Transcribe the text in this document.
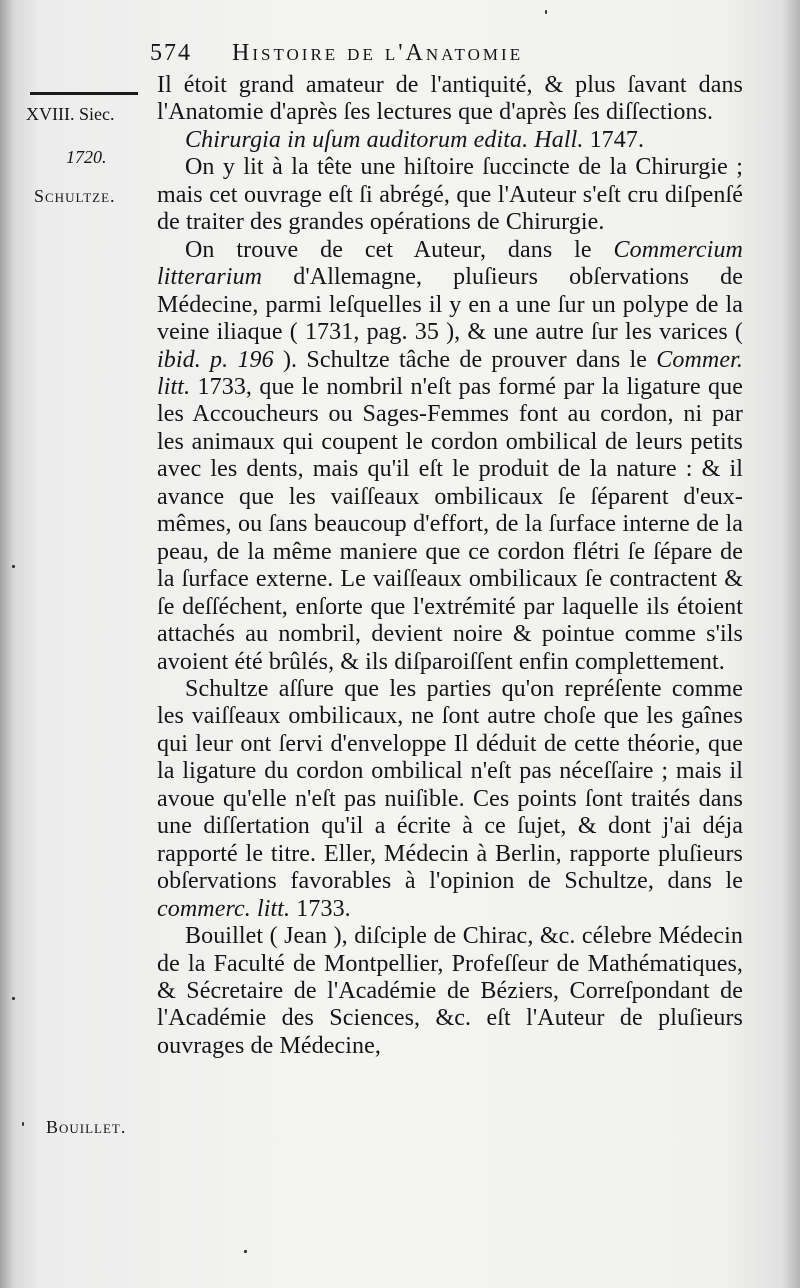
574 Histoire de l'Anatomie
XVIII. Siec.
1720.
Schultze.
Bouillet.

Il étoit grand amateur de l'antiquité, & plus ſavant dans l'Anatomie d'après ſes lectures que d'après ſes diſſections.

Chirurgia in uſum auditorum edita. Hall. 1747.

On y lit à la tête une hiſtoire ſuccincte de la Chirurgie ; mais cet ouvrage eſt ſi abrégé, que l'Auteur s'eſt cru diſpenſé de traiter des grandes opérations de Chirurgie.

On trouve de cet Auteur, dans le Commercium litterarium d'Allemagne, pluſieurs obſervations de Médecine, parmi leſquelles il y en a une ſur un polype de la veine iliaque ( 1731, pag. 35 ), & une autre ſur les varices ( ibid. p. 196 ). Schultze tâche de prouver dans le Commer. litt. 1733, que le nombril n'eſt pas formé par la ligature que les Accoucheurs ou Sages-Femmes font au cordon, ni par les animaux qui coupent le cordon ombilical de leurs petits avec les dents, mais qu'il eſt le produit de la nature : & il avance que les vaiſſeaux ombilicaux ſe ſéparent d'eux-mêmes, ou ſans beaucoup d'effort, de la ſurface interne de la peau, de la même maniere que ce cordon flétri ſe ſépare de la ſurface externe. Le vaiſſeaux ombilicaux ſe contractent & ſe deſſéchent, enſorte que l'extrémité par laquelle ils étoient attachés au nombril, devient noire & pointue comme s'ils avoient été brûlés, & ils diſparoiſſent enfin complettement.

Schultze aſſure que les parties qu'on repréſente comme les vaiſſeaux ombilicaux, ne ſont autre choſe que les gaînes qui leur ont ſervi d'enveloppe Il déduit de cette théorie, que la ligature du cordon ombilical n'eſt pas néceſſaire ; mais il avoue qu'elle n'eſt pas nuiſible. Ces points ſont traités dans une diſſertation qu'il a écrite à ce ſujet, & dont j'ai déja rapporté le titre. Eller, Médecin à Berlin, rapporte pluſieurs obſervations favorables à l'opinion de Schultze, dans le commerc. litt. 1733.

Bouillet ( Jean ), diſciple de Chirac, &c. célebre Médecin de la Faculté de Montpellier, Profeſſeur de Mathématiques, & Sécretaire de l'Académie de Béziers, Correſpondant de l'Académie des Sciences, &c. eſt l'Auteur de pluſieurs ouvrages de Médecine,
